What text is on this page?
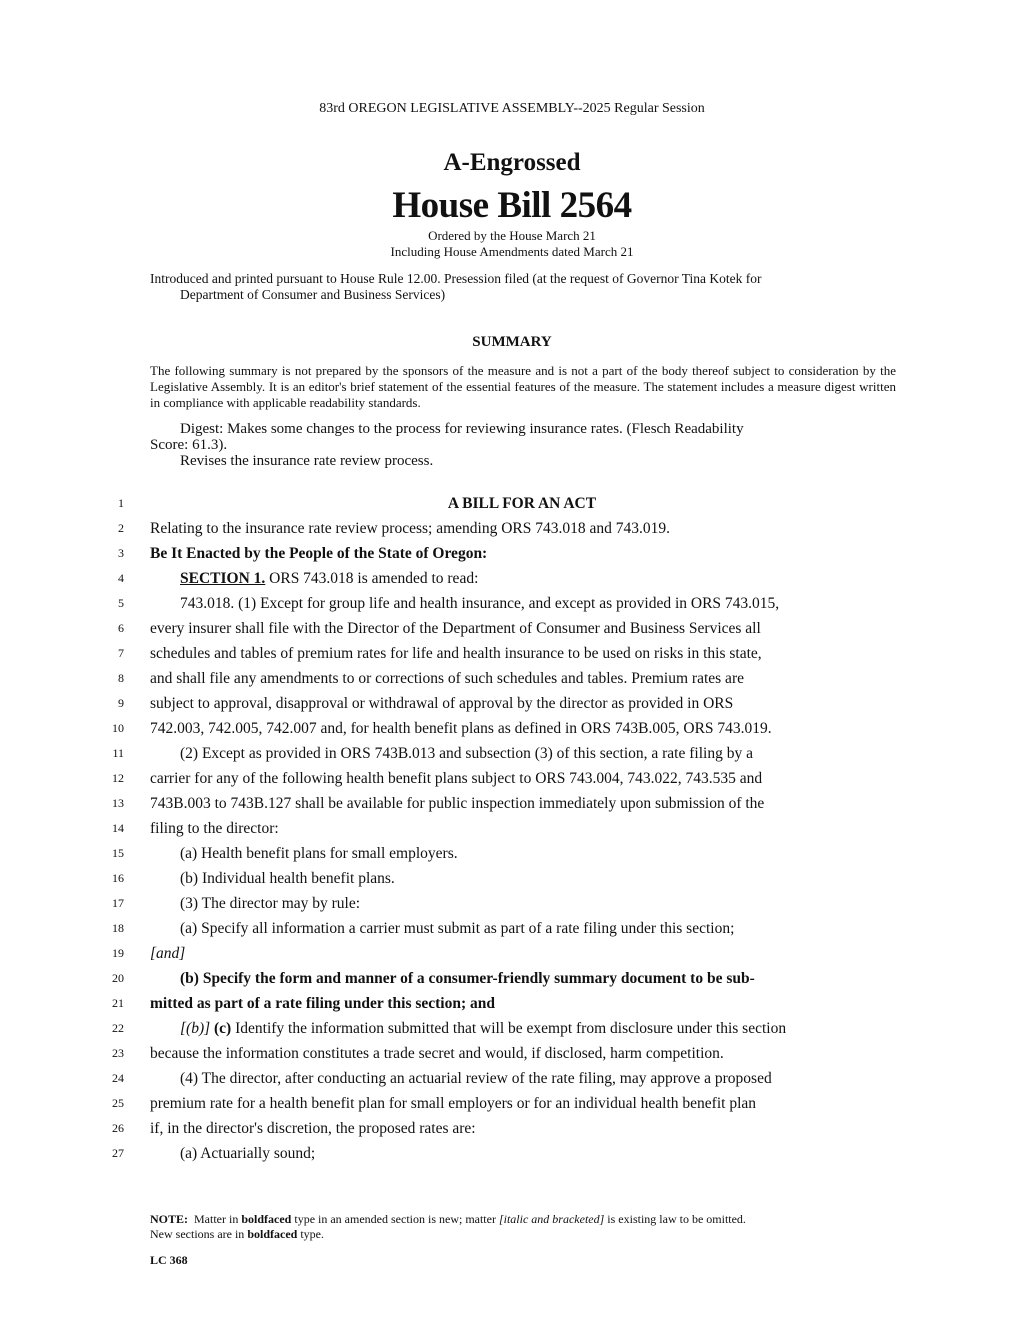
83rd OREGON LEGISLATIVE ASSEMBLY--2025 Regular Session
A-Engrossed
House Bill 2564
Ordered by the House March 21
Including House Amendments dated March 21
Introduced and printed pursuant to House Rule 12.00. Presession filed (at the request of Governor Tina Kotek for
Department of Consumer and Business Services)
SUMMARY
The following summary is not prepared by the sponsors of the measure and is not a part of the body thereof subject to consideration by the Legislative Assembly. It is an editor's brief statement of the essential features of the measure. The statement includes a measure digest written in compliance with applicable readability standards.
Digest: Makes some changes to the process for reviewing insurance rates. (Flesch Readability
Score: 61.3).
Revises the insurance rate review process.
1	A BILL FOR AN ACT
2 Relating to the insurance rate review process; amending ORS 743.018 and 743.019.
3 Be It Enacted by the People of the State of Oregon:
4	SECTION 1. ORS 743.018 is amended to read:
5	743.018. (1) Except for group life and health insurance, and except as provided in ORS 743.015,
6 every insurer shall file with the Director of the Department of Consumer and Business Services all
7 schedules and tables of premium rates for life and health insurance to be used on risks in this state,
8 and shall file any amendments to or corrections of such schedules and tables. Premium rates are
9 subject to approval, disapproval or withdrawal of approval by the director as provided in ORS
10 742.003, 742.005, 742.007 and, for health benefit plans as defined in ORS 743B.005, ORS 743.019.
11	(2) Except as provided in ORS 743B.013 and subsection (3) of this section, a rate filing by a
12 carrier for any of the following health benefit plans subject to ORS 743.004, 743.022, 743.535 and
13 743B.003 to 743B.127 shall be available for public inspection immediately upon submission of the
14 filing to the director:
15	(a) Health benefit plans for small employers.
16	(b) Individual health benefit plans.
17	(3) The director may by rule:
18	(a) Specify all information a carrier must submit as part of a rate filing under this section;
19 [and]
20	(b) Specify the form and manner of a consumer-friendly summary document to be sub-
21 mitted as part of a rate filing under this section; and
22	[(b)] (c) Identify the information submitted that will be exempt from disclosure under this section
23 because the information constitutes a trade secret and would, if disclosed, harm competition.
24	(4) The director, after conducting an actuarial review of the rate filing, may approve a proposed
25 premium rate for a health benefit plan for small employers or for an individual health benefit plan
26 if, in the director's discretion, the proposed rates are:
27	(a) Actuarially sound;
NOTE: Matter in boldfaced type in an amended section is new; matter [italic and bracketed] is existing law to be omitted.
New sections are in boldfaced type.
LC 368
